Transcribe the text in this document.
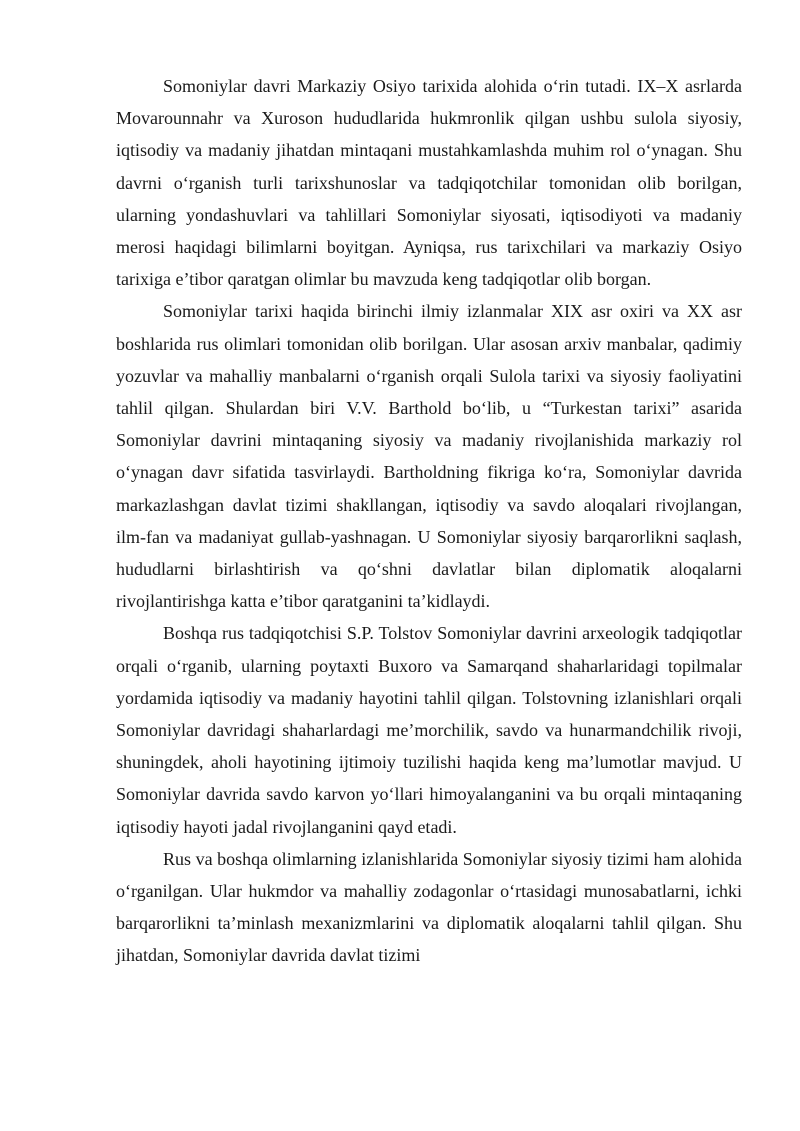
Somoniylar davri Markaziy Osiyo tarixida alohida oʻrin tutadi. IX–X asrlarda Movarounnahr va Xuroson hududlarida hukmronlik qilgan ushbu sulola siyosiy, iqtisodiy va madaniy jihatdan mintaqani mustahkamlashda muhim rol oʻynagan. Shu davrni oʻrganish turli tarixshunoslar va tadqiqotchilar tomonidan olib borilgan, ularning yondashuvlari va tahlillari Somoniylar siyosati, iqtisodiyoti va madaniy merosi haqidagi bilimlarni boyitgan. Ayniqsa, rus tarixchilari va markaziy Osiyo tarixiga e’tibor qaratgan olimlar bu mavzuda keng tadqiqotlar olib borgan.

Somoniylar tarixi haqida birinchi ilmiy izlanmalar XIX asr oxiri va XX asr boshlarida rus olimlari tomonidan olib borilgan. Ular asosan arxiv manbalar, qadimiy yozuvlar va mahalliy manbalarni oʻrganish orqali Sulola tarixi va siyosiy faoliyatini tahlil qilgan. Shulardan biri V.V. Barthold boʻlib, u “Turkestan tarixi” asarida Somoniylar davrini mintaqaning siyosiy va madaniy rivojlanishida markaziy rol oʻynagan davr sifatida tasvirlaydi. Bartholdning fikriga koʻra, Somoniylar davrida markazlashgan davlat tizimi shakllangan, iqtisodiy va savdo aloqalari rivojlangan, ilm-fan va madaniyat gullab-yashnagan. U Somoniylar siyosiy barqarorlikni saqlash, hududlarni birlashtirish va qoʻshni davlatlar bilan diplomatik aloqalarni rivojlantirishga katta e’tibor qaratganini ta’kidlaydi.

Boshqa rus tadqiqotchisi S.P. Tolstov Somoniylar davrini arxeologik tadqiqotlar orqali oʻrganib, ularning poytaxti Buxoro va Samarqand shaharlaridagi topilmalar yordamida iqtisodiy va madaniy hayotini tahlil qilgan. Tolstovning izlanishlari orqali Somoniylar davridagi shaharlardagi me’morchilik, savdo va hunarmandchilik rivoji, shuningdek, aholi hayotining ijtimoiy tuzilishi haqida keng ma’lumotlar mavjud. U Somoniylar davrida savdo karvon yoʻllari himoyalanganini va bu orqali mintaqaning iqtisodiy hayoti jadal rivojlanganini qayd etadi.

Rus va boshqa olimlarning izlanishlarida Somoniylar siyosiy tizimi ham alohida oʻrganilgan. Ular hukmdor va mahalliy zodagonlar oʻrtasidagi munosabatlarni, ichki barqarorlikni ta’minlash mexanizmlarini va diplomatik aloqalarni tahlil qilgan. Shu jihatdan, Somoniylar davrida davlat tizimi
